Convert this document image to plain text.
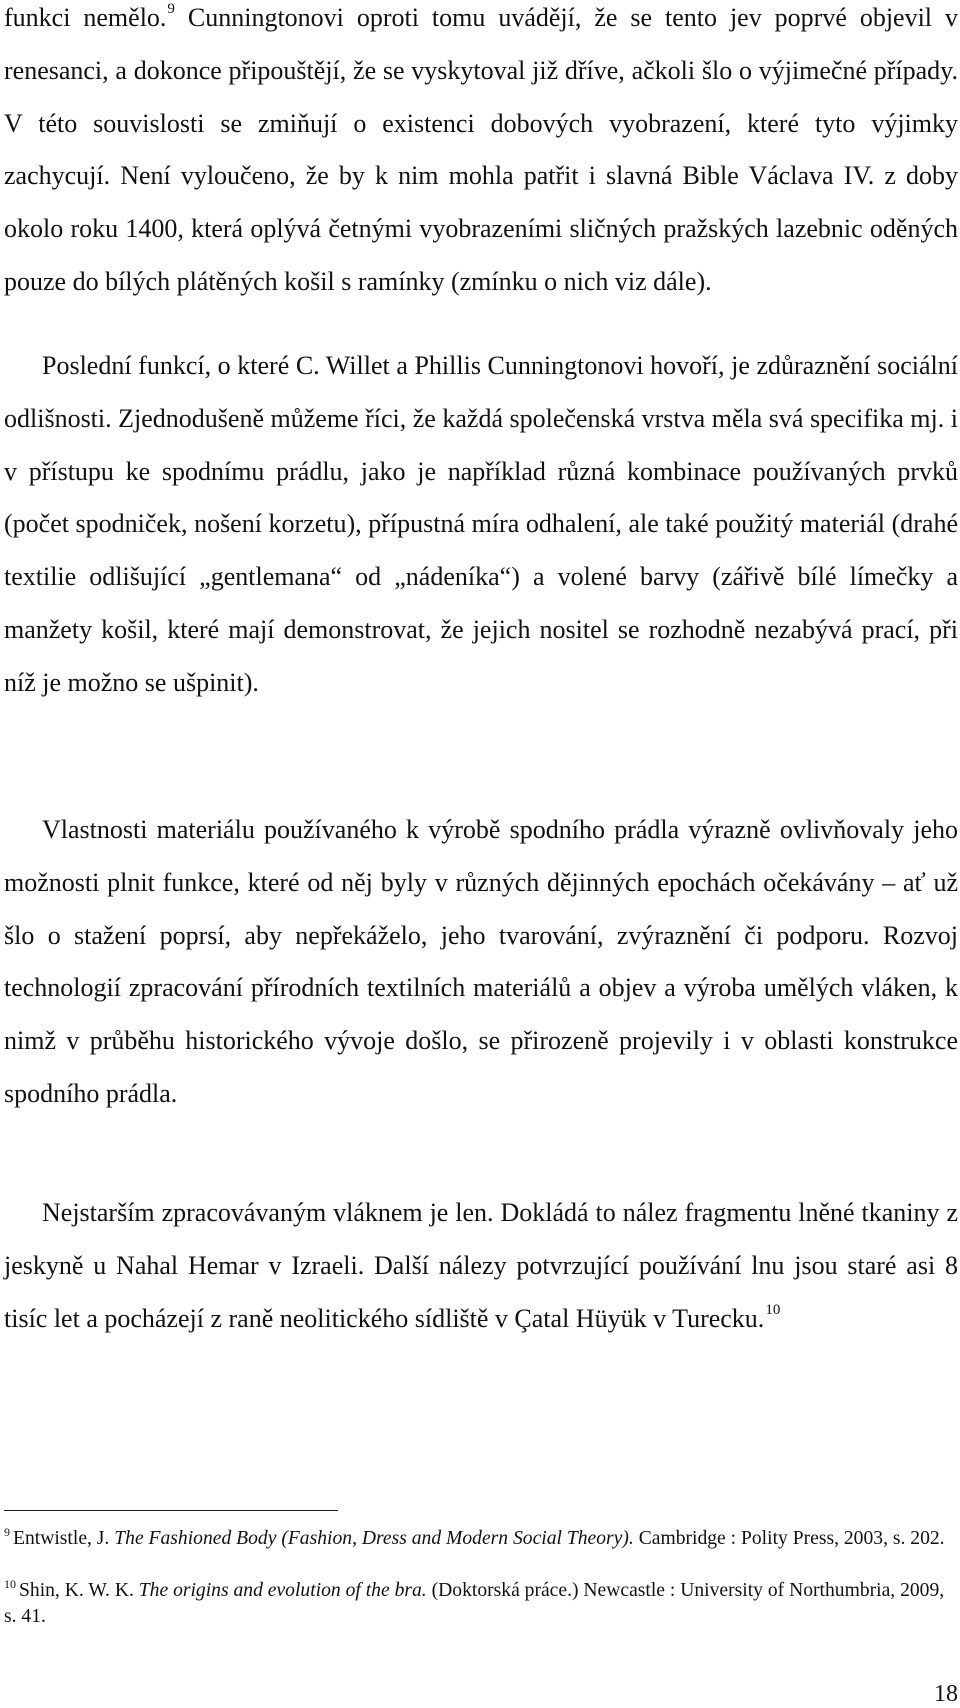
funkci nemělo.$^9$ Cunningtonovi oproti tomu uvádějí, že se tento jev poprvé objevil v renesanci, a dokonce připouštějí, že se vyskytoval již dříve, ačkoli šlo o výjimečné případy. V této souvislosti se zmiňují o existenci dobových vyobrazení, které tyto výjimky zachycují. Není vyloučeno, že by k nim mohla patřit i slavná Bible Václava IV. z doby okolo roku 1400, která oplývá četnými vyobrazeními sličných pražských lazebnic oděných pouze do bílých plátěných košil s ramínky (zmínku o nich viz dále).

Poslední funkcí, o které C. Willet a Phillis Cunningtonovi hovoří, je zdůraznění sociální odlišnosti. Zjednodušeně můžeme říci, že každá společenská vrstva měla svá specifika mj. i v přístupu ke spodnímu prádlu, jako je například různá kombinace používaných prvků (počet spodniček, nošení korzetu), přípustná míra odhalení, ale také použitý materiál (drahé textilie odlišující „gentlemana“ od „nádeníka“) a volené barvy (zářivě bílé límečky a manžety košil, které mají demonstrovat, že jejich nositel se rozhodně nezabývá prací, při níž je možno se ušpinit).

Vlastnosti materiálu používaného k výrobě spodního prádla výrazně ovlivňovaly jeho možnosti plnit funkce, které od něj byly v různých dějinných epochách očekávány – ať už šlo o stažení poprsí, aby nepřekáželo, jeho tvarování, zvýraznění či podporu. Rozvoj technologií zpracování přírodních textilních materiálů a objev a výroba umělých vláken, k nimž v průběhu historického vývoje došlo, se přirozeně projevily i v oblasti konstrukce spodního prádla.

Nejstarším zpracovávaným vláknem je len. Dokládá to nález fragmentu lněné tkaniny z jeskyně u Nahal Hemar v Izraeli. Další nálezy potvrzující používání lnu jsou staré asi 8 tisíc let a pocházejí z raně neolitického sídliště v Çatal Hüyük v Turecku.$^{10}$

$^9$ Entwistle, J. The Fashioned Body (Fashion, Dress and Modern Social Theory). Cambridge : Polity Press, 2003, s. 202.

$^{10}$ Shin, K. W. K. The origins and evolution of the bra. (Doktorská práce.) Newcastle : University of Northumbria, 2009, s. 41.

18
